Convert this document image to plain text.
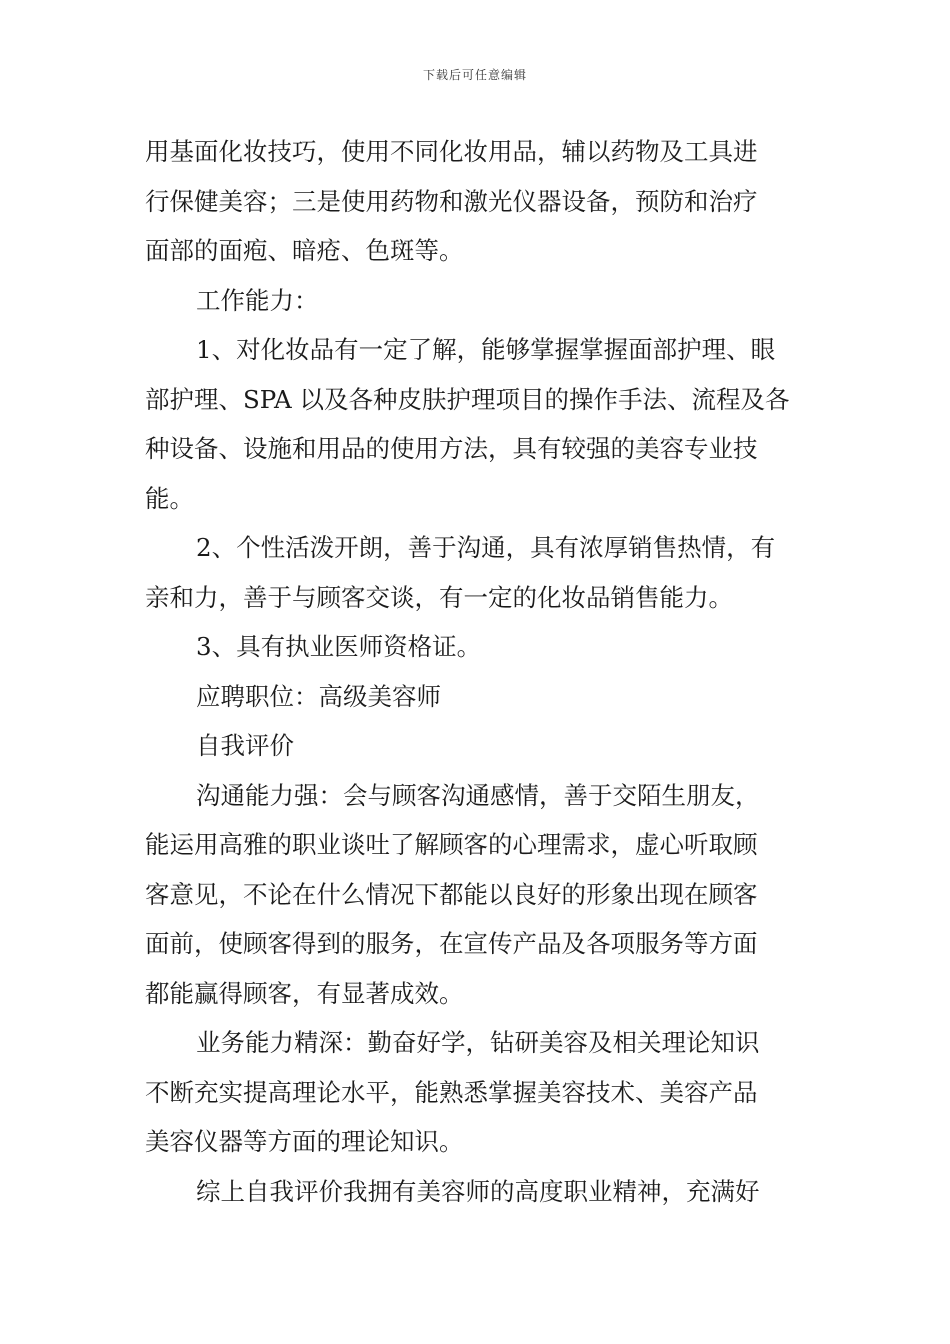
下载后可任意编辑

用基面化妆技巧，使用不同化妆用品，辅以药物及工具进

行保健美容；三是使用药物和激光仪器设备，预防和治疗

面部的面疱、暗疮、色斑等。

工作能力：

1、对化妆品有一定了解，能够掌握掌握面部护理、眼

部护理、SPA 以及各种皮肤护理项目的操作手法、流程及各

种设备、设施和用品的使用方法，具有较强的美容专业技

能。

2、个性活泼开朗，善于沟通，具有浓厚销售热情，有

亲和力，善于与顾客交谈，有一定的化妆品销售能力。

3、具有执业医师资格证。

应聘职位：高级美容师

自我评价

沟通能力强：会与顾客沟通感情，善于交陌生朋友，

能运用高雅的职业谈吐了解顾客的心理需求，虚心听取顾

客意见，不论在什么情况下都能以良好的形象出现在顾客

面前，使顾客得到的服务，在宣传产品及各项服务等方面

都能赢得顾客，有显著成效。

业务能力精深：勤奋好学，钻研美容及相关理论知识

不断充实提高理论水平，能熟悉掌握美容技术、美容产品

美容仪器等方面的理论知识。

综上自我评价我拥有美容师的高度职业精神，充满好
